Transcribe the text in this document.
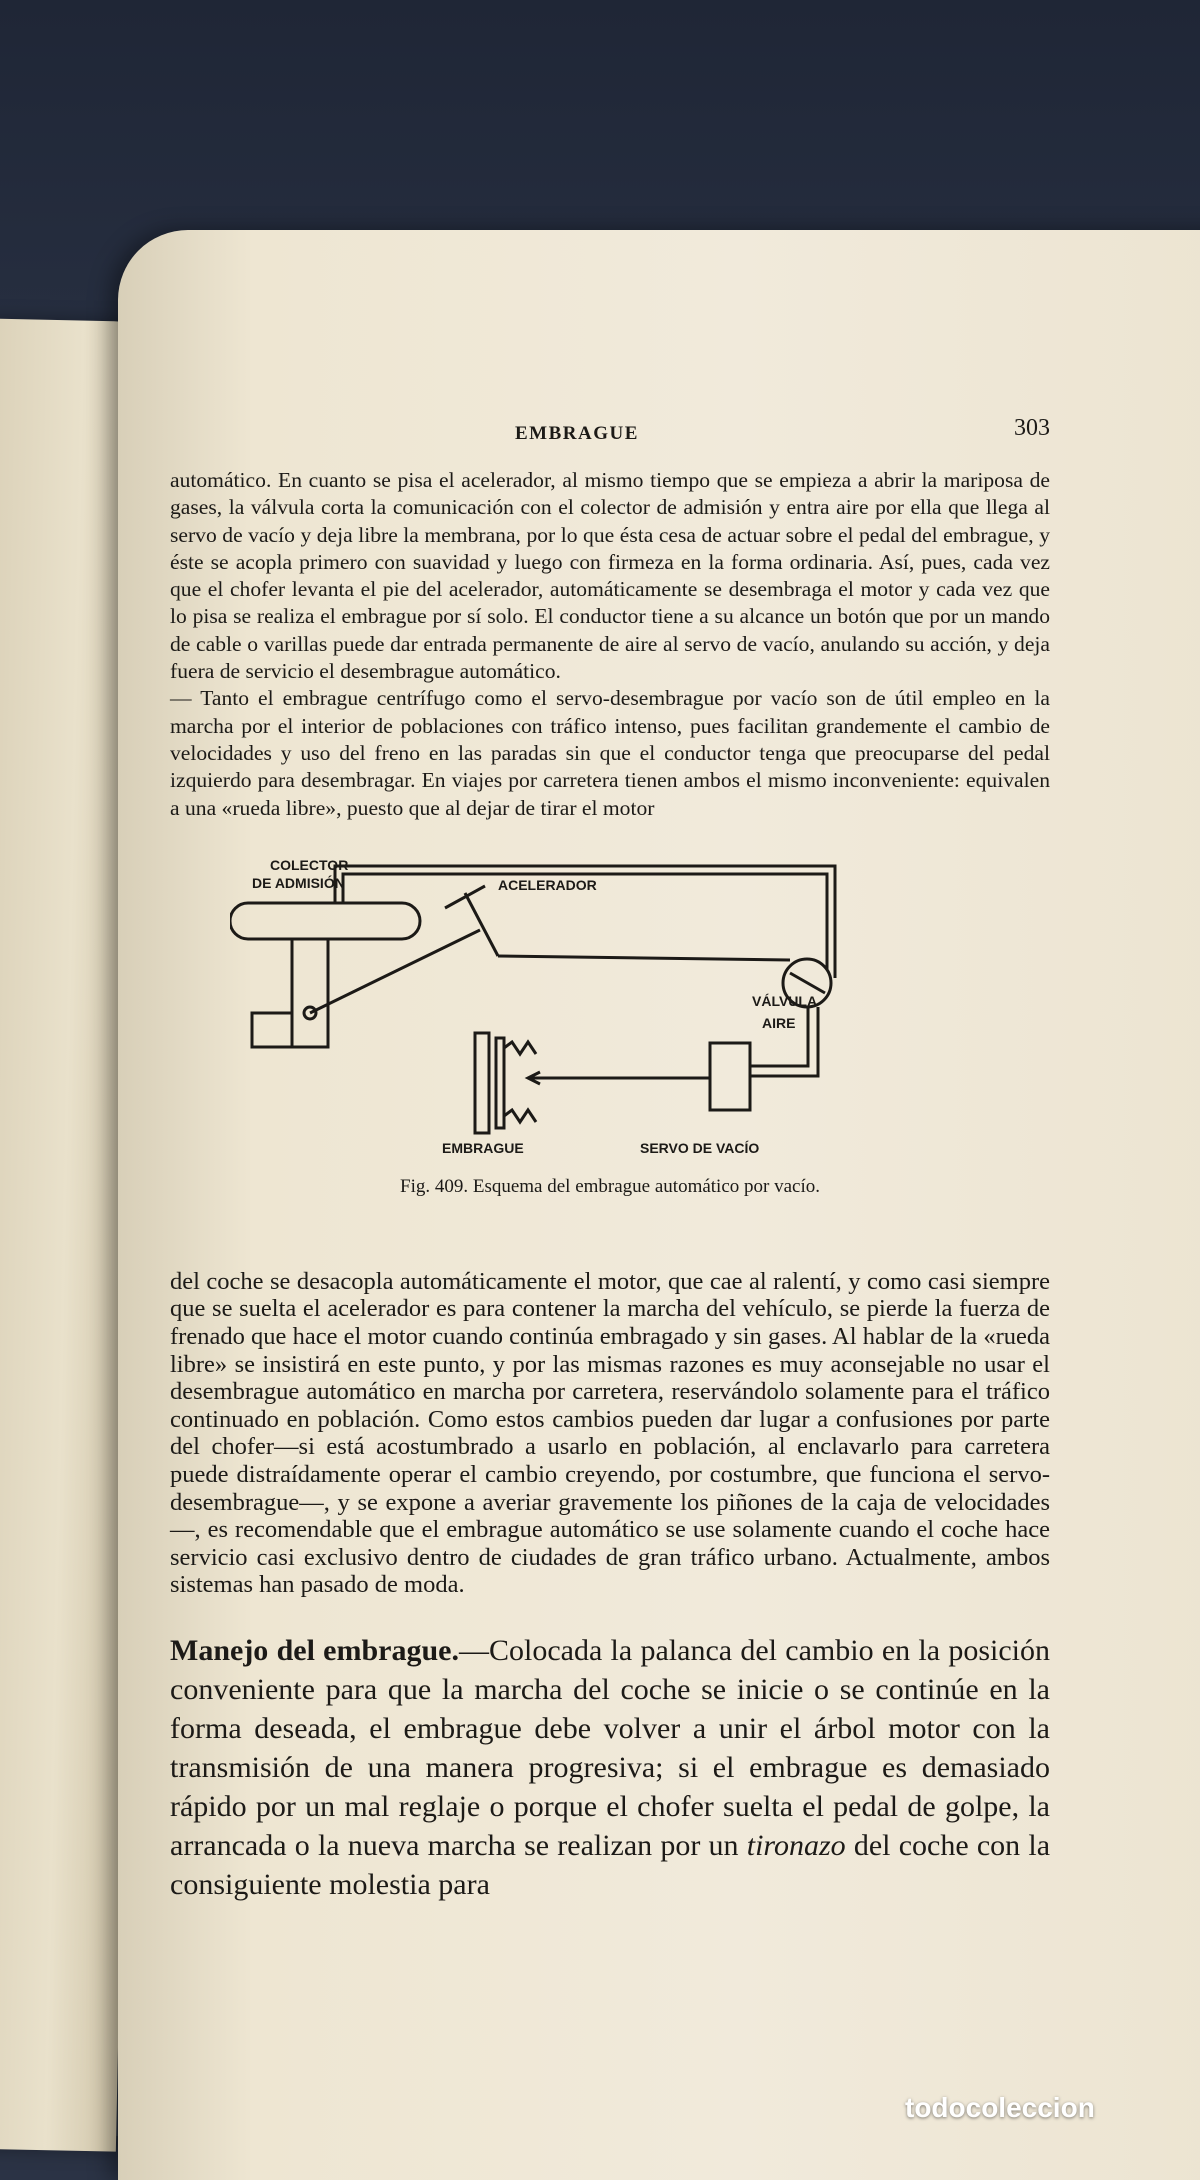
EMBRAGUE	303

automático. En cuanto se pisa el acelerador, al mismo tiempo que se empieza a abrir la mariposa de gases, la válvula corta la comunicación con el colector de admisión y entra aire por ella que llega al servo de vacío y deja libre la membrana, por lo que ésta cesa de actuar sobre el pedal del embrague, y éste se acopla primero con suavidad y luego con firmeza en la forma ordinaria. Así, pues, cada vez que el chofer levanta el pie del acelerador, automáticamente se desembraga el motor y cada vez que lo pisa se realiza el embrague por sí solo. El conductor tiene a su alcance un botón que por un mando de cable o varillas puede dar entrada permanente de aire al servo de vacío, anulando su acción, y deja fuera de servicio el desembrague automático.

— Tanto el embrague centrífugo como el servo-desembrague por vacío son de útil empleo en la marcha por el interior de poblaciones con tráfico intenso, pues facilitan grandemente el cambio de velocidades y uso del freno en las paradas sin que el conductor tenga que preocuparse del pedal izquierdo para desembragar. En viajes por carretera tienen ambos el mismo inconveniente: equivalen a una «rueda libre», puesto que al dejar de tirar el motor

COLECTOR
DE ADMISIÓN	ACELERADOR
VÁLVULA
AIRE
EMBRAGUE	SERVO DE VACÍO
Fig. 409. Esquema del embrague automático por vacío.

del coche se desacopla automáticamente el motor, que cae al ralentí, y como casi siempre que se suelta el acelerador es para contener la marcha del vehículo, se pierde la fuerza de frenado que hace el motor cuando continúa embragado y sin gases. Al hablar de la «rueda libre» se insistirá en este punto, y por las mismas razones es muy aconsejable no usar el desembrague automático en marcha por carretera, reservándolo solamente para el tráfico continuado en población. Como estos cambios pueden dar lugar a confusiones por parte del chofer—si está acostumbrado a usarlo en población, al enclavarlo para carretera puede distraídamente operar el cambio creyendo, por costumbre, que funciona el servo-desembrague—, y se expone a averiar gravemente los piñones de la caja de velocidades—, es recomendable que el embrague automático se use solamente cuando el coche hace servicio casi exclusivo dentro de ciudades de gran tráfico urbano. Actualmente, ambos sistemas han pasado de moda.

Manejo del embrague.—Colocada la palanca del cambio en la posición conveniente para que la marcha del coche se inicie o se continúe en la forma deseada, el embrague debe volver a unir el árbol motor con la transmisión de una manera progresiva; si el embrague es demasiado rápido por un mal reglaje o porque el chofer suelta el pedal de golpe, la arrancada o la nueva marcha se realizan por un tironazo del coche con la consiguiente molestia para

todocoleccion
